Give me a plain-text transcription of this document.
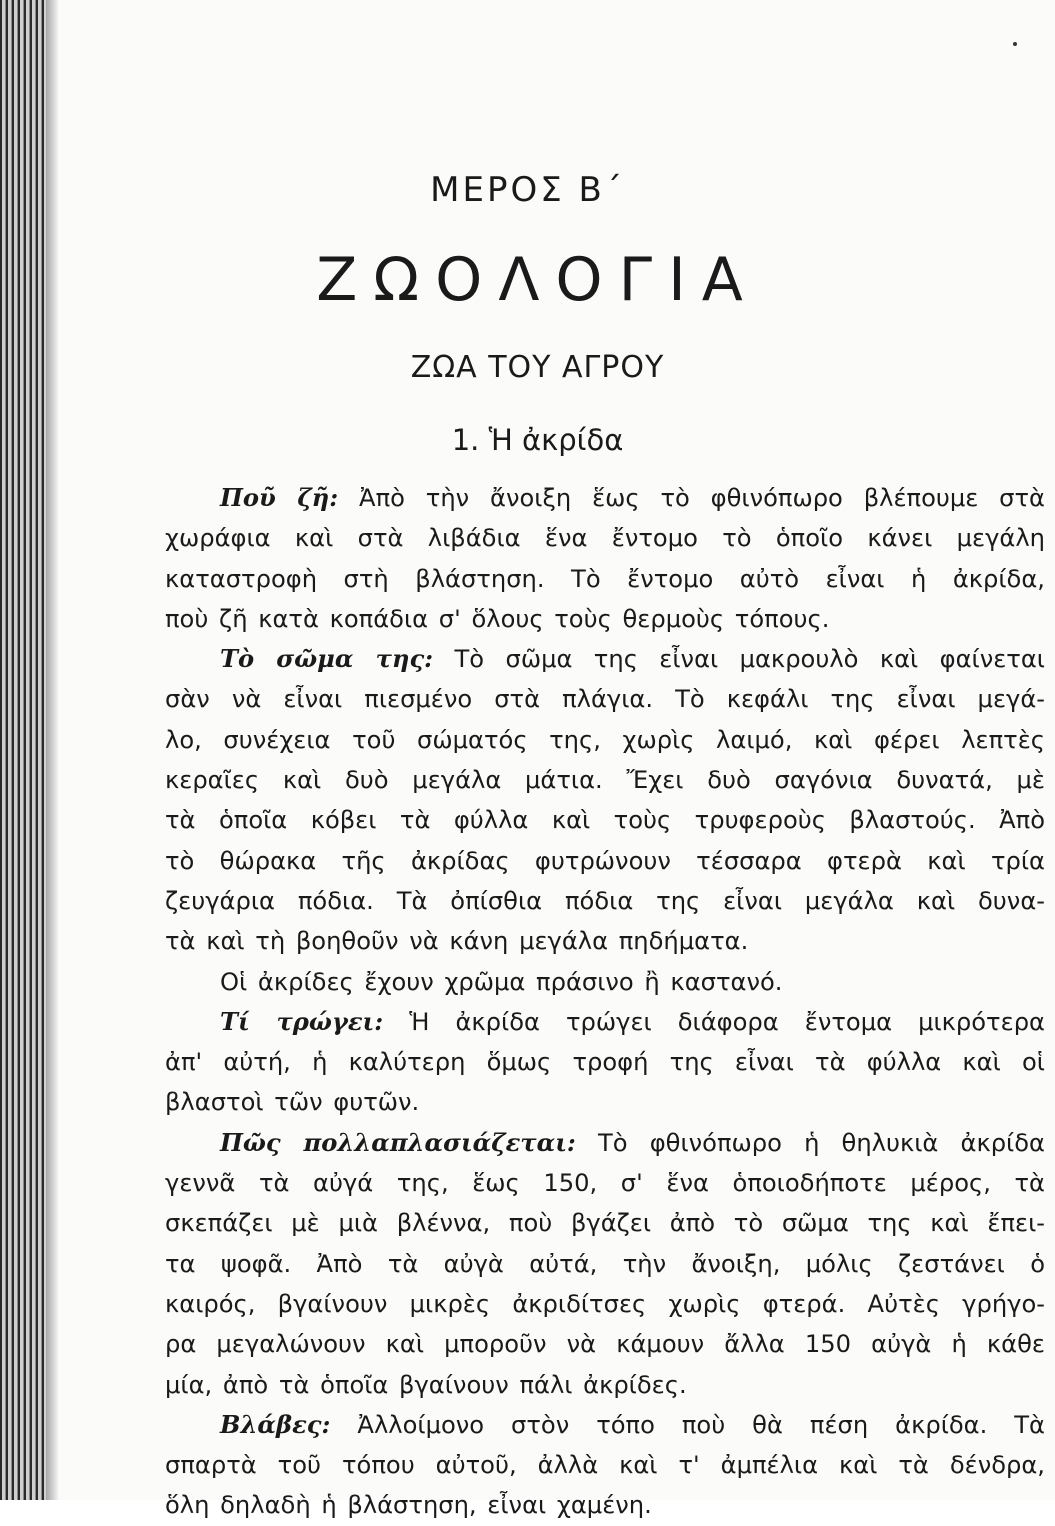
ΜΕΡΟΣ Β΄
ΖΩΟΛΟΓΙΑ
ΖΩΑ ΤΟΥ ΑΓΡΟΥ
1. Ἡ ἀκρίδα
Ποῦ ζῆ: Ἀπὸ τὴν ἄνοιξη ἕως τὸ φθινόπωρο βλέπουμε στὰ
χωράφια καὶ στὰ λιβάδια ἕνα ἔντομο τὸ ὁποῖο κάνει μεγάλη
καταστροφὴ στὴ βλάστηση. Τὸ ἔντομο αὐτὸ εἶναι ἡ ἀκρίδα,
ποὺ ζῆ κατὰ κοπάδια σ' ὅλους τοὺς θερμοὺς τόπους.
Τὸ σῶμα της: Τὸ σῶμα της εἶναι μακρουλὸ καὶ φαίνεται
σὰν νὰ εἶναι πιεσμένο στὰ πλάγια. Τὸ κεφάλι της εἶναι μεγά-
λο, συνέχεια τοῦ σώματός της, χωρὶς λαιμό, καὶ φέρει λεπτὲς
κεραῖες καὶ δυὸ μεγάλα μάτια. Ἔχει δυὸ σαγόνια δυνατά, μὲ
τὰ ὁποῖα κόβει τὰ φύλλα καὶ τοὺς τρυφεροὺς βλαστούς. Ἀπὸ
τὸ θώρακα τῆς ἀκρίδας φυτρώνουν τέσσαρα φτερὰ καὶ τρία
ζευγάρια πόδια. Τὰ ὀπίσθια πόδια της εἶναι μεγάλα καὶ δυνα-
τὰ καὶ τὴ βοηθοῦν νὰ κάνη μεγάλα πηδήματα.
Οἱ ἀκρίδες ἔχουν χρῶμα πράσινο ἢ καστανό.
Τί τρώγει: Ἡ ἀκρίδα τρώγει διάφορα ἔντομα μικρότερα
ἀπ' αὐτή, ἡ καλύτερη ὅμως τροφή της εἶναι τὰ φύλλα καὶ οἱ
βλαστοὶ τῶν φυτῶν.
Πῶς πολλαπλασιάζεται: Τὸ φθινόπωρο ἡ θηλυκιὰ ἀκρίδα
γεννᾶ τὰ αὐγά της, ἕως 150, σ' ἕνα ὁποιοδήποτε μέρος, τὰ
σκεπάζει μὲ μιὰ βλέννα, ποὺ βγάζει ἀπὸ τὸ σῶμα της καὶ ἔπει-
τα ψοφᾶ. Ἀπὸ τὰ αὐγὰ αὐτά, τὴν ἄνοιξη, μόλις ζεστάνει ὁ
καιρός, βγαίνουν μικρὲς ἀκριδίτσες χωρὶς φτερά. Αὐτὲς γρήγο-
ρα μεγαλώνουν καὶ μποροῦν νὰ κάμουν ἄλλα 150 αὐγὰ ἡ κάθε
μία, ἀπὸ τὰ ὁποῖα βγαίνουν πάλι ἀκρίδες.
Βλάβες: Ἀλλοίμονο στὸν τόπο ποὺ θὰ πέση ἀκρίδα. Τὰ
σπαρτὰ τοῦ τόπου αὐτοῦ, ἀλλὰ καὶ τ' ἀμπέλια καὶ τὰ δένδρα,
ὅλη δηλαδὴ ἡ βλάστηση, εἶναι χαμένη.
